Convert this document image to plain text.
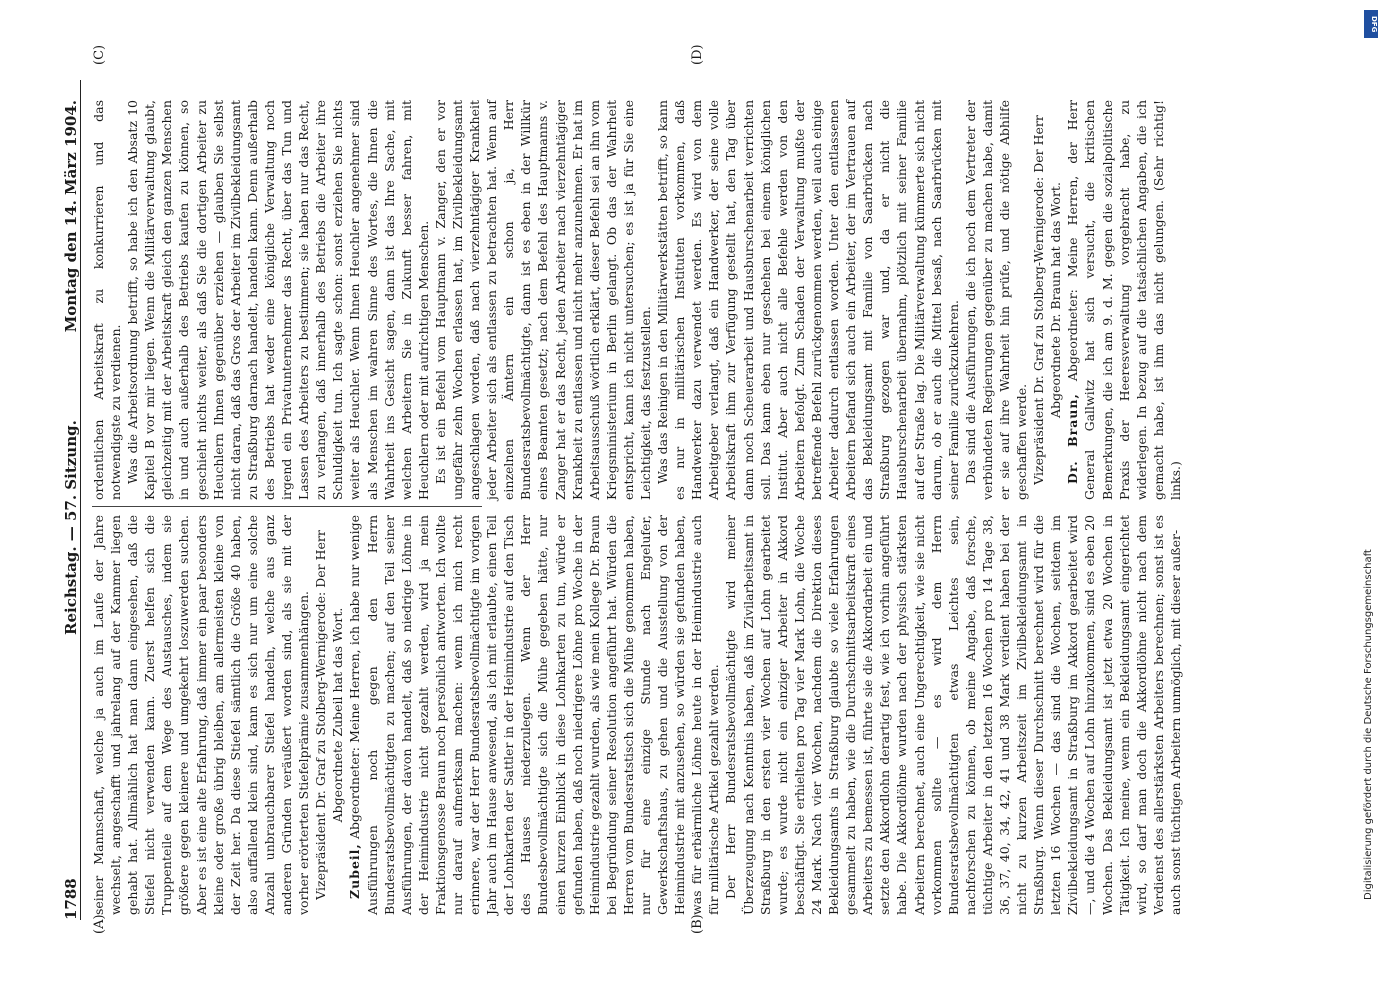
1788
Reichstag. — 57. Sitzung.
Montag den 14. März 1904.
(A)	(B)
(C)	(D)

seiner Mannschaft, welche ja auch im Laufe der Jahre wechselt, angeschafft und jahrelang auf der Kammer liegen gehabt hat. Allmählich hat man dann eingesehen, daß die Stiefel nicht verwenden kann. Zuerst helfen sich die Truppenteile auf dem Wege des Austausches, indem sie größere gegen kleinere und umgekehrt loszuwerden suchen. Aber es ist eine alte Erfahrung, daß immer ein paar besonders kleine oder große übrig bleiben, am allermeisten kleine von der Zeit her. Da diese Stiefel sämtlich die Größe 40 haben, also auffallend klein sind, kann es sich nur um eine solche Anzahl unbrauchbarer Stiefel handeln, welche aus ganz anderen Gründen veräußert worden sind, als sie mit der vorher erörterten Stiefelprämie zusammenhängen. Vizepräsident Dr. Graf zu Stolberg-Wernigerode: Der Herr Abgeordnete Zubeil hat das Wort.

Zubeil, Abgeordneter: Meine Herren, ich habe nur wenige Ausführungen noch gegen den Herrn Bundesratsbevollmächtigten zu machen; auf den Teil seiner Ausführungen, der davon handelt, daß so niedrige Löhne in der Heimindustrie nicht gezahlt werden, wird ja mein Fraktionsgenosse Braun noch persönlich antworten. Ich wollte nur darauf aufmerksam machen: wenn ich mich recht erinnere, war der Herr Bundesratsbevollmächtigte im vorigen Jahr auch im Hause anwesend, als ich mit erlaubte, einen Teil der Lohnkarten der Sattler in der Heimindustrie auf den Tisch des Hauses niederzulegen. Wenn der Herr Bundesbevollmächtigte sich die Mühe gegeben hätte, nur einen kurzen Einblick in diese Lohnkarten zu tun, würde er gefunden haben, daß noch niedrigere Löhne pro Woche in der Heimindustrie gezahlt wurden, als wie mein Kollege Dr. Braun bei Begründung seiner Resolution angeführt hat. Würden die Herren vom Bundesratstisch sich die Mühe genommen haben, nur für eine einzige Stunde nach Engelufer, Gewerkschaftshaus, zu gehen und die Ausstellung von der Heimindustrie mit anzusehen, so würden sie gefunden haben, was für erbärmliche Löhne heute in der Heimindustrie auch für militärische Artikel gezahlt werden. Der Herr Bundesratsbevollmächtigte wird meiner Überzeugung nach Kenntnis haben, daß im Zivilarbeitsamt in Straßburg in den ersten vier Wochen auf Lohn gearbeitet wurde; es wurde nicht ein einziger Arbeiter in Akkord beschäftigt. Sie erhielten pro Tag vier Mark Lohn, die Woche 24 Mark. Nach vier Wochen, nachdem die Direktion dieses Bekleidungsamts in Straßburg glaubte so viele Erfahrungen gesammelt zu haben, wie die Durchschnittsarbeitskraft eines Arbeiters zu bemessen ist, führte sie die Akkordarbeit ein und setzte den Akkordlohn derartig fest, wie ich vorhin angeführt habe. Die Akkordlöhne wurden nach der physisch stärksten Arbeitern berechnet, auch eine Ungerechtigkeit, wie sie nicht vorkommen sollte — es wird dem Herrn Bundesratsbevollmächtigten etwas Leichtes sein, nachforschen zu können, ob meine Angabe, daß forsche, tüchtige Arbeiter in den letzten 16 Wochen pro 14 Tage 38, 36, 37, 40, 34, 42, 41 und 38 Mark verdient haben bei der nicht zu kurzen Arbeitszeit im Zivilbekleidungsamt in Straßburg. Wenn dieser Durchschnitt berechnet wird für die letzten 16 Wochen — das sind die Wochen, seitdem im Zivilbekleidungsamt in Straßburg im Akkord gearbeitet wird —, und die 4 Wochen auf Lohn hinzukommen, sind es eben 20 Wochen. Das Bekleidungsamt ist jetzt etwa 20 Wochen in Tätigkeit. Ich meine, wenn ein Bekleidungsamt eingerichtet wird, so darf man doch die Akkordlöhne nicht nach dem Verdienst des allerstärksten Arbeiters berechnen; sonst ist es auch sonst tüchtigen Arbeitern unmöglich, mit dieser außer-

ordentlichen Arbeitskraft zu konkurrieren und das notwendigste zu verdienen. Was die Arbeitsordnung betrifft, so habe ich den Absatz 10 Kapitel B vor mir liegen. Wenn die Militärverwaltung glaubt, gleichzeitig mit der Arbeitskraft gleich den ganzen Menschen in und auch außerhalb des Betriebs kaufen zu können, so geschieht nichts weiter, als daß Sie die dortigen Arbeiter zu Heuchlern Ihnen gegenüber erziehen — glauben Sie selbst nicht daran, daß das Gros der Arbeiter im Zivilbekleidungsamt zu Straßburg darnach handelt, handeln kann. Denn außerhalb des Betriebs hat weder eine königliche Verwaltung noch irgend ein Privatunternehmer das Recht, über das Tun und Lassen des Arbeiters zu bestimmen; sie haben nur das Recht, zu verlangen, daß innerhalb des Betriebs die Arbeiter ihre Schuldigkeit tun. Ich sagte schon: sonst erziehen Sie nichts weiter als Heuchler. Wenn Ihnen Heuchler angenehmer sind als Menschen im wahren Sinne des Wortes, die Ihnen die Wahrheit ins Gesicht sagen, dann ist das Ihre Sache, mit welchen Arbeitern Sie in Zukunft besser fahren, mit Heuchlern oder mit aufrichtigen Menschen. Es ist ein Befehl vom Hauptmann v. Zanger, den er vor ungefähr zehn Wochen erlassen hat, im Zivilbekleidungsamt angeschlagen worden, daß nach vierzehntägiger Krankheit jeder Arbeiter sich als entlassen zu betrachten hat. Wenn auf einzelnen Ämtern ein schon ja, Herr Bundesratsbevollmächtigte, dann ist es eben in der Willkür eines Beamten gesetzt; nach dem Befehl des Hauptmanns v. Zanger hat er das Recht, jeden Arbeiter nach vierzehntägiger Krankheit zu entlassen und nicht mehr anzunehmen. Er hat im Arbeitsausschuß wörtlich erklärt, dieser Befehl sei an ihn vom Kriegsministerium in Berlin gelangt. Ob das der Wahrheit entspricht, kann ich nicht untersuchen; es ist ja für Sie eine Leichtigkeit, das festzustellen. Was das Reinigen in den Militärwerkstätten betrifft, so kann es nur in militärischen Instituten vorkommen, daß Handwerker dazu verwendet werden. Es wird von dem Arbeitgeber verlangt, daß ein Handwerker, der seine volle Arbeitskraft ihm zur Verfügung gestellt hat, den Tag über dann noch Scheuerarbeit und Hausburschenarbeit verrichten soll. Das kann eben nur geschehen bei einem königlichen Institut. Aber auch nicht alle Befehle werden von den Arbeitern befolgt. Zum Schaden der Verwaltung mußte der betreffende Befehl zurückgenommen werden, weil auch einige Arbeiter dadurch entlassen worden. Unter den entlassenen Arbeitern befand sich auch ein Arbeiter, der im Vertrauen auf das Bekleidungsamt mit Familie von Saarbrücken nach Straßburg gezogen war und, da er nicht die Hausburschenarbeit übernahm, plötzlich mit seiner Familie auf der Straße lag. Die Militärverwaltung kümmerte sich nicht darum, ob er auch die Mittel besaß, nach Saarbrücken mit seiner Familie zurückzukehren. Das sind die Ausführungen, die ich noch dem Vertreter der verbündeten Regierungen gegenüber zu machen habe, damit er sie auf ihre Wahrheit hin prüfe, und die nötige Abhilfe geschaffen werde. Vizepräsident Dr. Graf zu Stolberg-Wernigerode: Der Herr Abgeordnete Dr. Braun hat das Wort.

Dr. Braun, Abgeordneter: Meine Herren, der Herr General Gallwitz hat sich versucht, die kritischen Bemerkungen, die ich am 9. d. M. gegen die sozialpolitische Praxis der Heeresverwaltung vorgebracht habe, zu widerlegen. In bezug auf die tatsächlichen Angaben, die ich gemacht habe, ist ihm das nicht gelungen. (Sehr richtig! links.)

DFG
Digitalisierung gefördert durch die Deutsche Forschungsgemeinschaft
